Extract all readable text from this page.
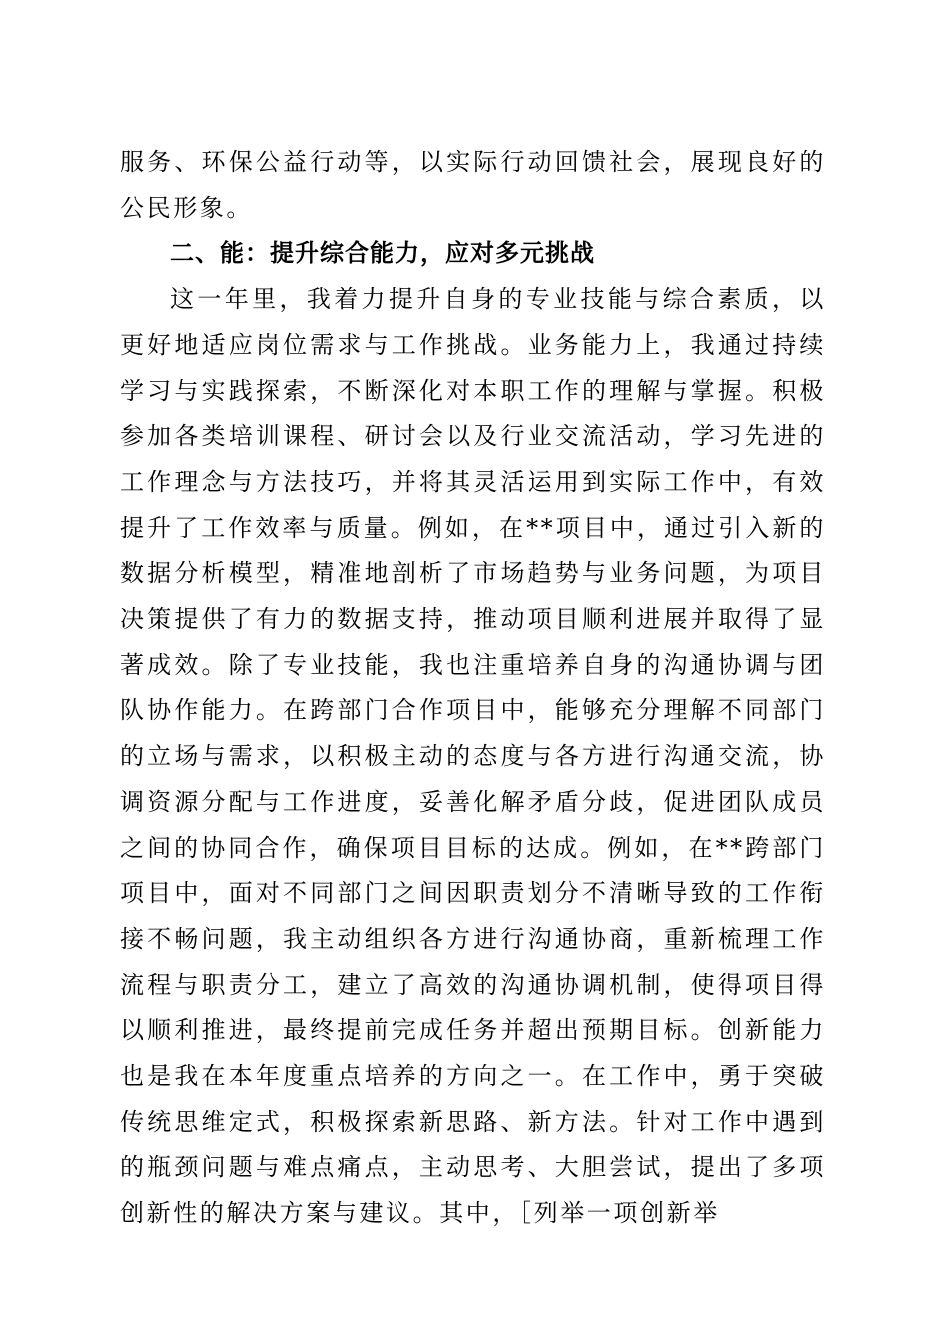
服务、环保公益行动等，以实际行动回馈社会，展现良好的公民形象。

二、能：提升综合能力，应对多元挑战

这一年里，我着力提升自身的专业技能与综合素质，以更好地适应岗位需求与工作挑战。业务能力上，我通过持续学习与实践探索，不断深化对本职工作的理解与掌握。积极参加各类培训课程、研讨会以及行业交流活动，学习先进的工作理念与方法技巧，并将其灵活运用到实际工作中，有效提升了工作效率与质量。例如，在**项目中，通过引入新的数据分析模型，精准地剖析了市场趋势与业务问题，为项目决策提供了有力的数据支持，推动项目顺利进展并取得了显著成效。除了专业技能，我也注重培养自身的沟通协调与团队协作能力。在跨部门合作项目中，能够充分理解不同部门的立场与需求，以积极主动的态度与各方进行沟通交流，协调资源分配与工作进度，妥善化解矛盾分歧，促进团队成员之间的协同合作，确保项目目标的达成。例如，在**跨部门项目中，面对不同部门之间因职责划分不清晰导致的工作衔接不畅问题，我主动组织各方进行沟通协商，重新梳理工作流程与职责分工，建立了高效的沟通协调机制，使得项目得以顺利推进，最终提前完成任务并超出预期目标。创新能力也是我在本年度重点培养的方向之一。在工作中，勇于突破传统思维定式，积极探索新思路、新方法。针对工作中遇到的瓶颈问题与难点痛点，主动思考、大胆尝试，提出了多项创新性的解决方案与建议。其中，［列举一项创新举
